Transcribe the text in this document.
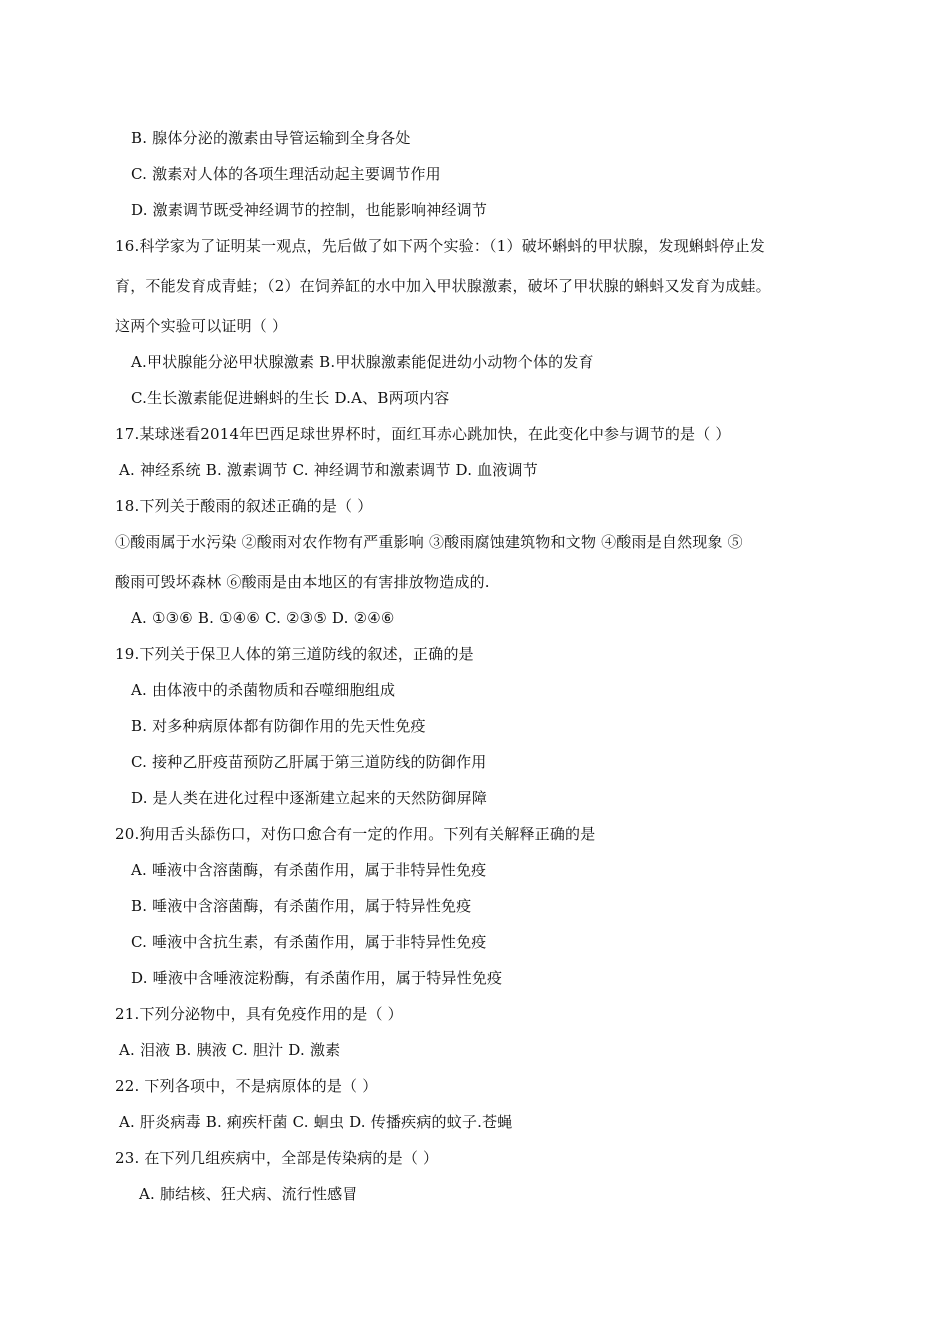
B. 腺体分泌的激素由导管运输到全身各处
C. 激素对人体的各项生理活动起主要调节作用
D. 激素调节既受神经调节的控制，也能影响神经调节
16.科学家为了证明某一观点，先后做了如下两个实验：（1）破坏蝌蚪的甲状腺，发现蝌蚪停止发
育，不能发育成青蛙；（2）在饲养缸的水中加入甲状腺激素，破坏了甲状腺的蝌蚪又发育为成蛙。
这两个实验可以证明（ ）
A.甲状腺能分泌甲状腺激素 B.甲状腺激素能促进幼小动物个体的发育
C.生长激素能促进蝌蚪的生长 D.A、B两项内容
17.某球迷看2014年巴西足球世界杯时，面红耳赤心跳加快，在此变化中参与调节的是（ ）
A. 神经系统 B. 激素调节 C. 神经调节和激素调节 D. 血液调节
18.下列关于酸雨的叙述正确的是（ ）
①酸雨属于水污染 ②酸雨对农作物有严重影响 ③酸雨腐蚀建筑物和文物 ④酸雨是自然现象 ⑤
酸雨可毁坏森林 ⑥酸雨是由本地区的有害排放物造成的.
A. ①③⑥ B. ①④⑥ C. ②③⑤ D. ②④⑥
19.下列关于保卫人体的第三道防线的叙述，正确的是
A. 由体液中的杀菌物质和吞噬细胞组成
B. 对多种病原体都有防御作用的先天性免疫
C. 接种乙肝疫苗预防乙肝属于第三道防线的防御作用
D. 是人类在进化过程中逐渐建立起来的天然防御屏障
20.狗用舌头舔伤口，对伤口愈合有一定的作用。下列有关解释正确的是
A. 唾液中含溶菌酶，有杀菌作用，属于非特异性免疫
B. 唾液中含溶菌酶，有杀菌作用，属于特异性免疫
C. 唾液中含抗生素，有杀菌作用，属于非特异性免疫
D. 唾液中含唾液淀粉酶，有杀菌作用，属于特异性免疫
21.下列分泌物中，具有免疫作用的是（ ）
A. 泪液 B. 胰液 C. 胆汁 D. 激素
22. 下列各项中，不是病原体的是（ ）
A. 肝炎病毒 B. 痢疾杆菌 C. 蛔虫 D. 传播疾病的蚊子.苍蝇
23. 在下列几组疾病中，全部是传染病的是（ ）
A. 肺结核、狂犬病、流行性感冒
